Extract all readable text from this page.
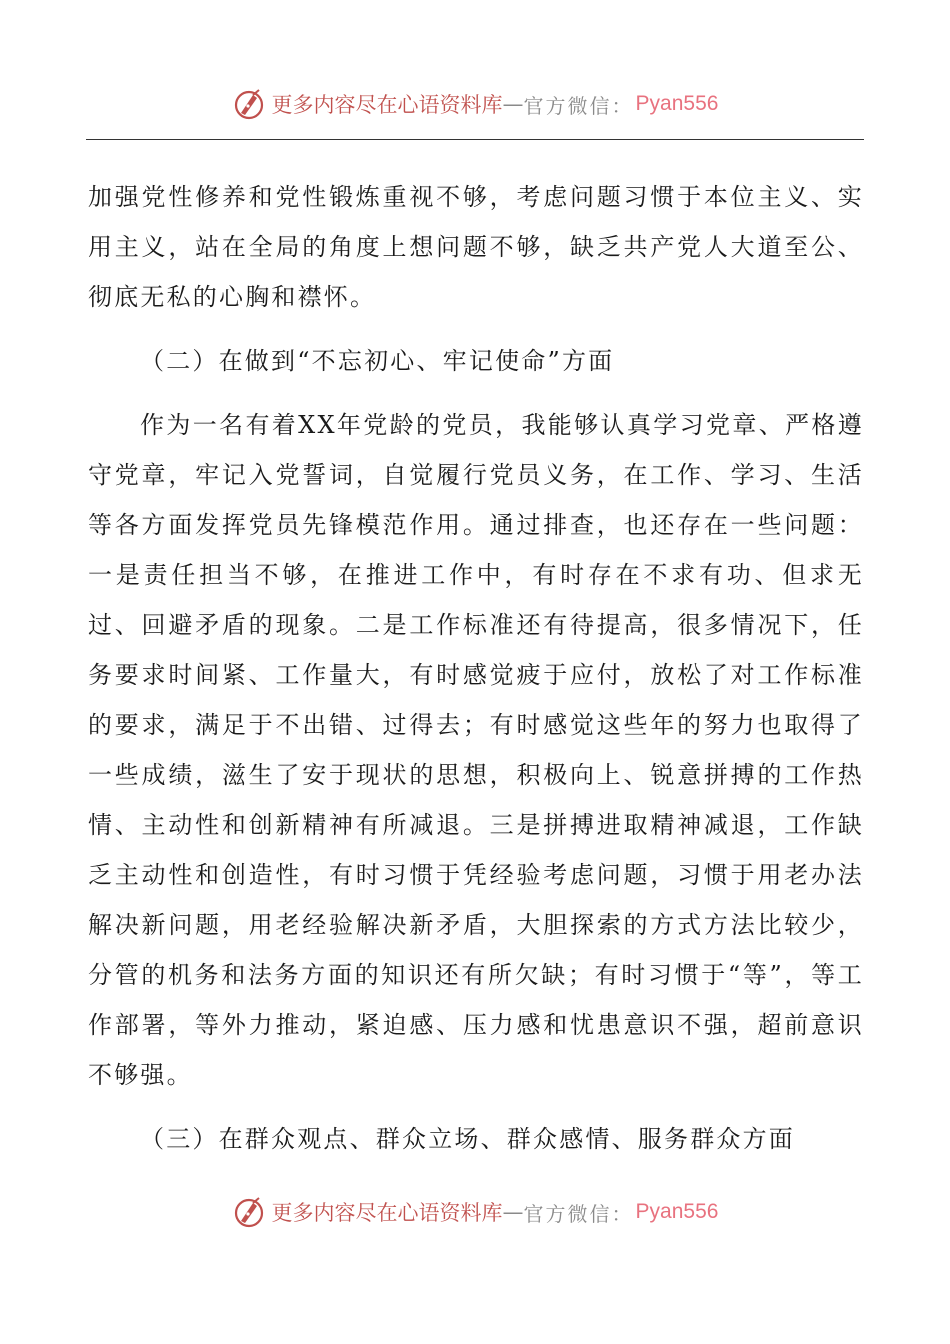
更多内容尽在心语资料库 — 官方微信： Pyan556

加强党性修养和党性锻炼重视不够，考虑问题习惯于本位主义、实用主义，站在全局的角度上想问题不够，缺乏共产党人大道至公、彻底无私的心胸和襟怀。

（二）在做到“不忘初心、牢记使命”方面

作为一名有着XX年党龄的党员，我能够认真学习党章、严格遵守党章，牢记入党誓词，自觉履行党员义务，在工作、学习、生活等各方面发挥党员先锋模范作用。通过排查，也还存在一些问题：一是责任担当不够，在推进工作中，有时存在不求有功、但求无过、回避矛盾的现象。二是工作标准还有待提高，很多情况下，任务要求时间紧、工作量大，有时感觉疲于应付，放松了对工作标准的要求，满足于不出错、过得去；有时感觉这些年的努力也取得了一些成绩，滋生了安于现状的思想，积极向上、锐意拼搏的工作热情、主动性和创新精神有所减退。三是拼搏进取精神减退，工作缺乏主动性和创造性，有时习惯于凭经验考虑问题，习惯于用老办法解决新问题，用老经验解决新矛盾，大胆探索的方式方法比较少，分管的机务和法务方面的知识还有所欠缺；有时习惯于“等”，等工作部署，等外力推动，紧迫感、压力感和忧患意识不强，超前意识不够强。

（三）在群众观点、群众立场、群众感情、服务群众方面

更多内容尽在心语资料库 — 官方微信： Pyan556
